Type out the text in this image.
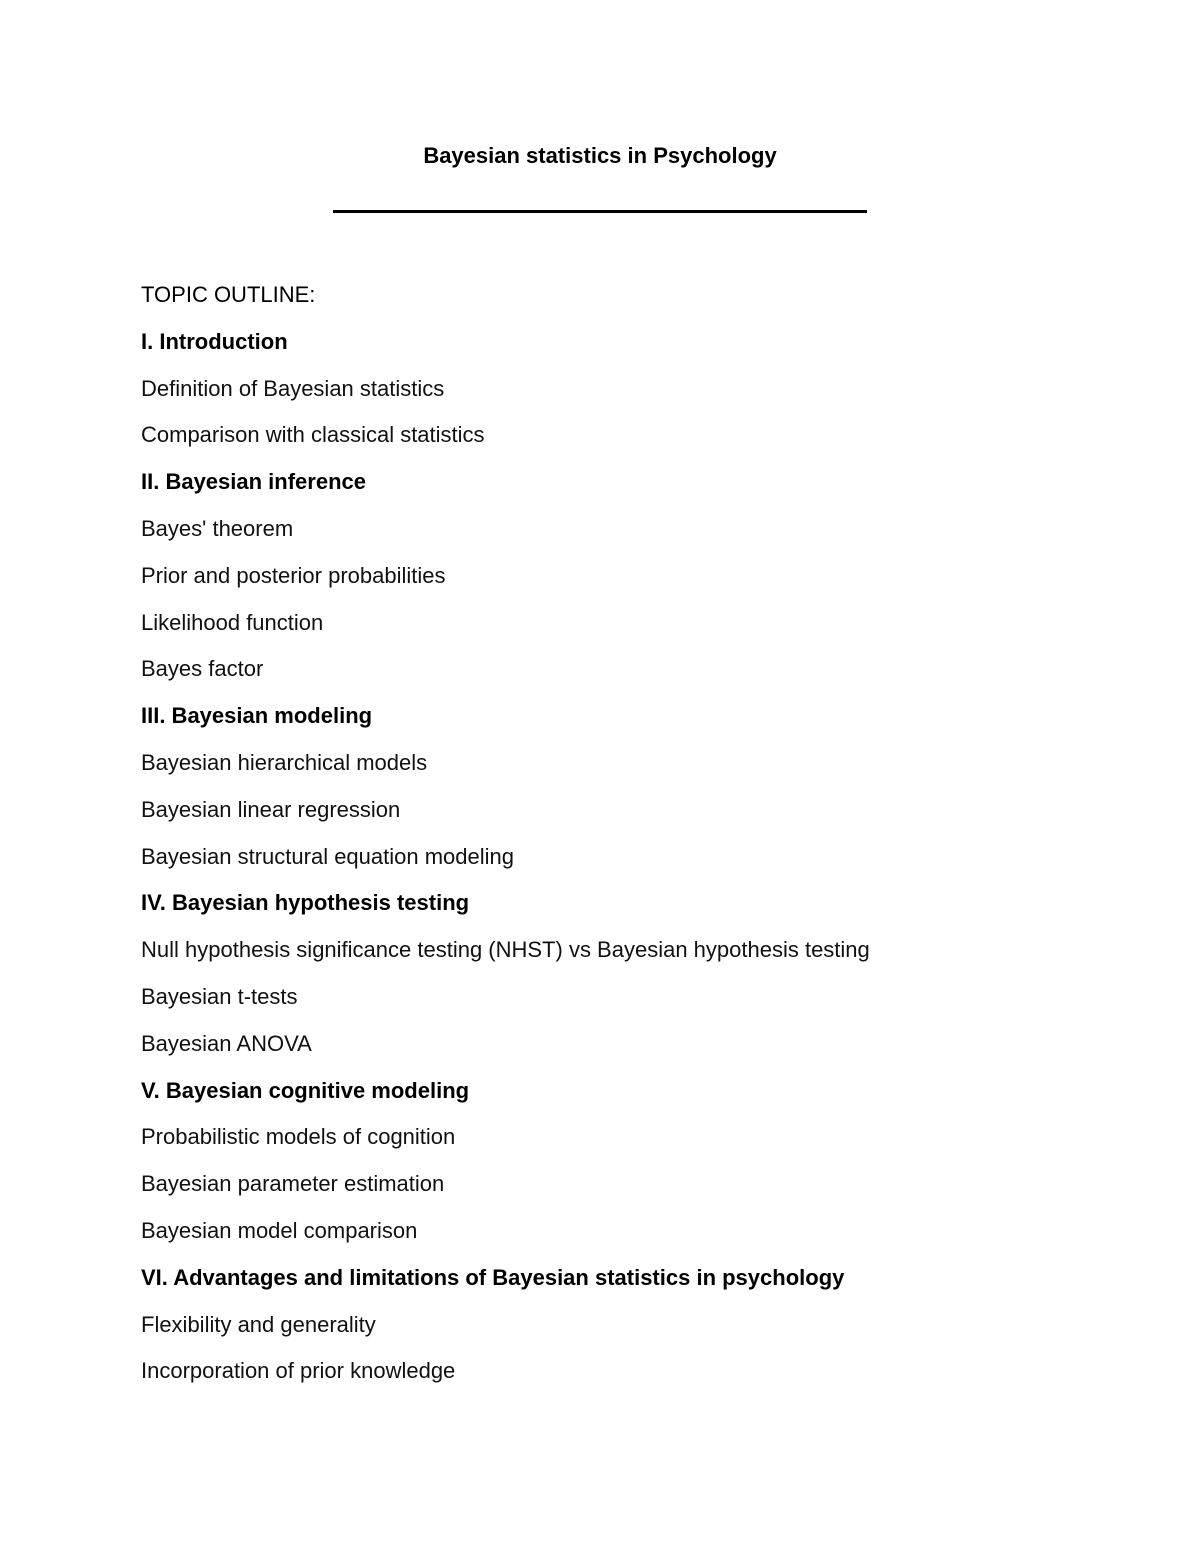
Bayesian statistics in Psychology
TOPIC OUTLINE:
I. Introduction
Definition of Bayesian statistics
Comparison with classical statistics
II. Bayesian inference
Bayes' theorem
Prior and posterior probabilities
Likelihood function
Bayes factor
III. Bayesian modeling
Bayesian hierarchical models
Bayesian linear regression
Bayesian structural equation modeling
IV. Bayesian hypothesis testing
Null hypothesis significance testing (NHST) vs Bayesian hypothesis testing
Bayesian t-tests
Bayesian ANOVA
V. Bayesian cognitive modeling
Probabilistic models of cognition
Bayesian parameter estimation
Bayesian model comparison
VI. Advantages and limitations of Bayesian statistics in psychology
Flexibility and generality
Incorporation of prior knowledge
